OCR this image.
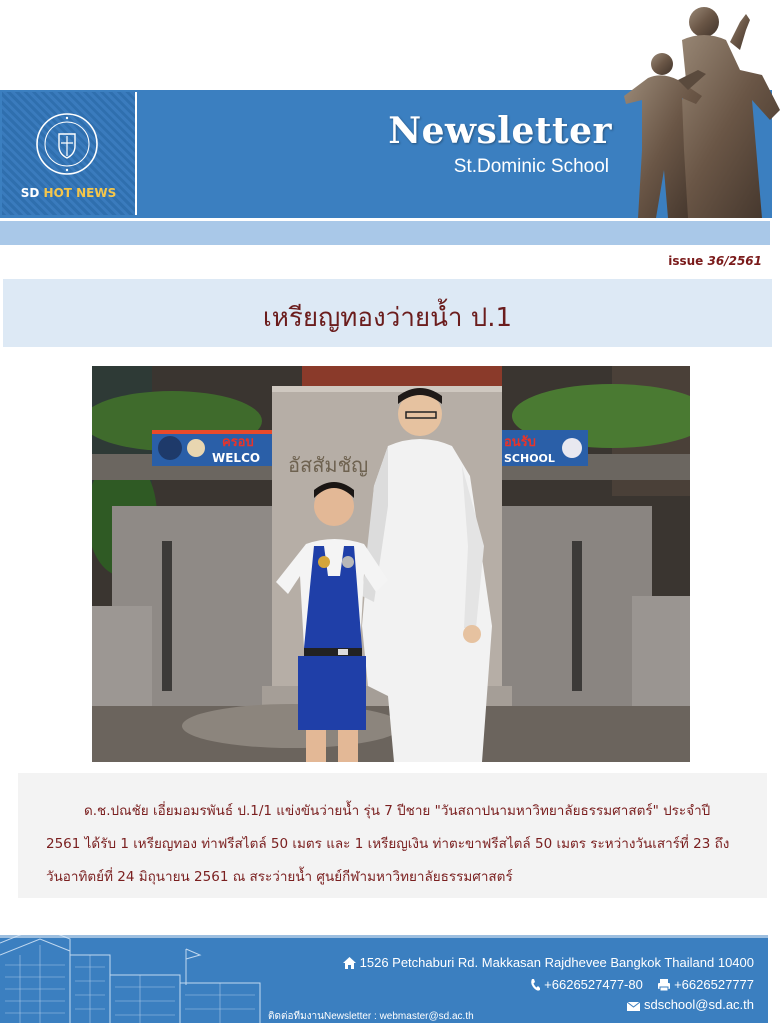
SD HOT NEWS
Newsletter
St.Dominic School
issue 36/2561
เหรียญทองว่ายน้ำ ป.1
ครอบ
WELCO
อนรับ
SCHOOL
อัสสัมชัญ

ด.ช.ปณชัย เอี่ยมอมรพันธ์ ป.1/1 แข่งขันว่ายน้ำ รุ่น 7 ปีชาย "วันสถาปนามหาวิทยาลัยธรรมศาสตร์" ประจำปี 2561 ได้รับ 1 เหรียญทอง ท่าฟรีสไตล์ 50 เมตร และ 1 เหรียญเงิน ท่าตะขาฟรีสไตล์ 50 เมตร ระหว่างวันเสาร์ที่ 23 ถึงวันอาทิตย์ที่ 24 มิถุนายน 2561 ณ สระว่ายน้ำ ศูนย์กีฬามหาวิทยาลัยธรรมศาสตร์

1526 Petchaburi Rd. Makkasan Rajdhevee Bangkok Thailand 10400
+6626527477-80 +6626527777
sdschool@sd.ac.th
ติดต่อทีมงานNewsletter : webmaster@sd.ac.th
